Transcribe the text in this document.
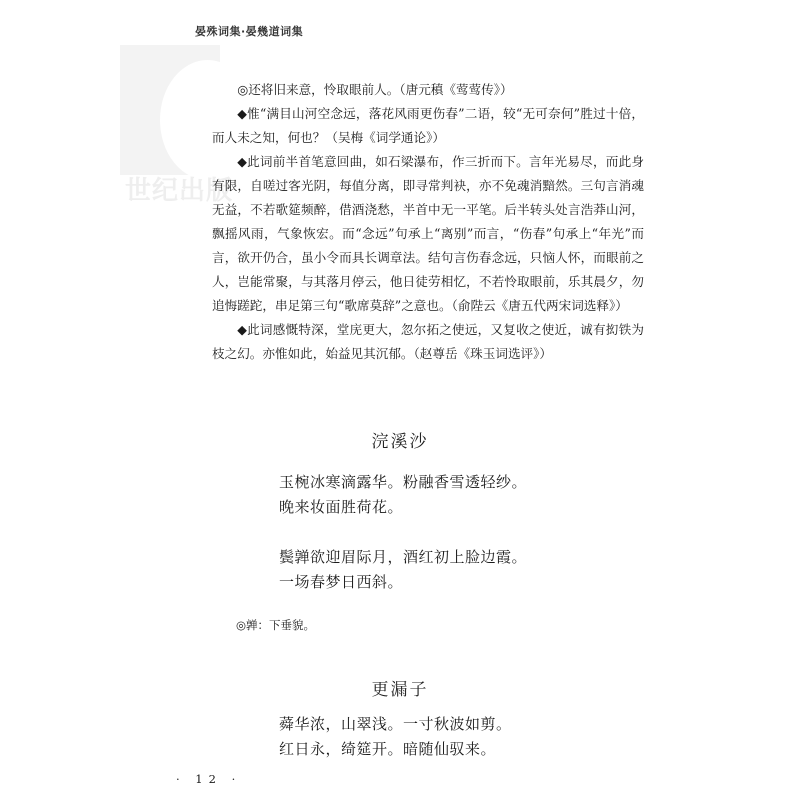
世纪出版
晏殊词集·晏幾道词集

◎还将旧来意，怜取眼前人。（唐元稹《莺莺传》）

◆惟“满目山河空念远，落花风雨更伤春”二语，较“无可奈何”胜过十倍，而人未之知，何也？（吴梅《词学通论》）

◆此词前半首笔意回曲，如石梁瀑布，作三折而下。言年光易尽，而此身有限，自嗟过客光阴，每值分离，即寻常判袂，亦不免魂消黯然。三句言消魂无益，不若歌筵频醉，借酒浇愁，半首中无一平笔。后半转头处言浩莽山河，飘摇风雨，气象恢宏。而“念远”句承上“离别”而言，“伤春”句承上“年光”而言，欲开仍合，虽小令而具长调章法。结句言伤春念远，只恼人怀，而眼前之人，岂能常聚，与其落月停云，他日徒劳相忆，不若怜取眼前，乐其晨夕，勿追悔蹉跎，串足第三句“歌席莫辞”之意也。（俞陛云《唐五代两宋词选释》）

◆此词感慨特深，堂庑更大，忽尔拓之使远，又复收之使近，诚有抝铁为枝之幻。亦惟如此，始益见其沉郁。（赵尊岳《珠玉词选评》）

浣溪沙
玉椀冰寒滴露华。粉融香雪透轻纱。
晚来妆面胜荷花。
鬓亸欲迎眉际月，酒红初上脸边霞。
一场春梦日西斜。
◎亸：下垂貌。
更漏子
蕣华浓，山翠浅。一寸秋波如剪。
红日永，绮筵开。暗随仙驭来。
· 12 ·
